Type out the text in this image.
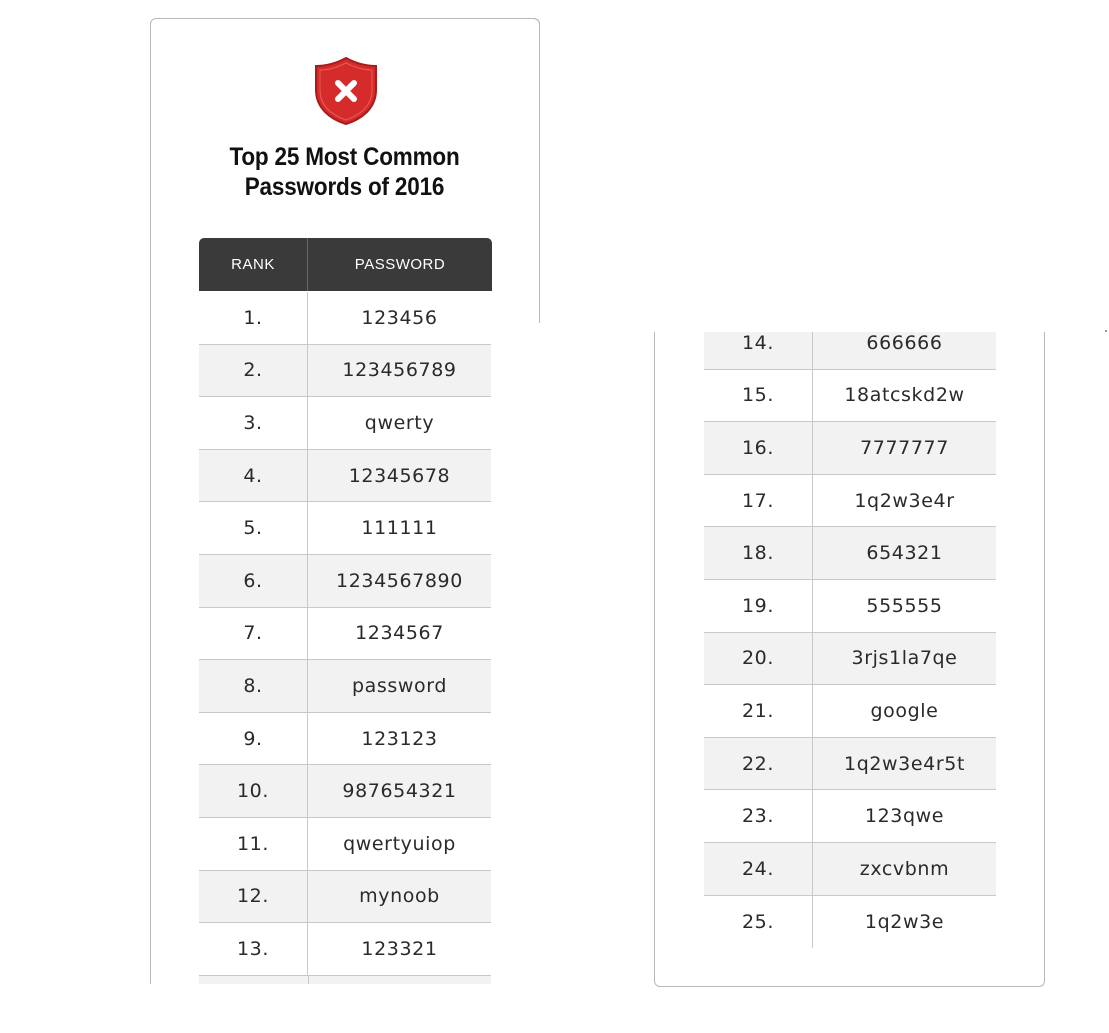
Top 25 Most Common
Passwords of 2016
RANK	PASSWORD
1.	123456
2.	123456789
3.	qwerty
4.	12345678
5.	111111
6.	1234567890
7.	1234567
8.	password
9.	123123
10.	987654321
11.	qwertyuiop
12.	mynoob
13.	123321
14.	666666
15.	18atcskd2w
16.	7777777
17.	1q2w3e4r
18.	654321
19.	555555
20.	3rjs1la7qe
21.	google
22.	1q2w3e4r5t
23.	123qwe
24.	zxcvbnm
25.	1q2w3e
